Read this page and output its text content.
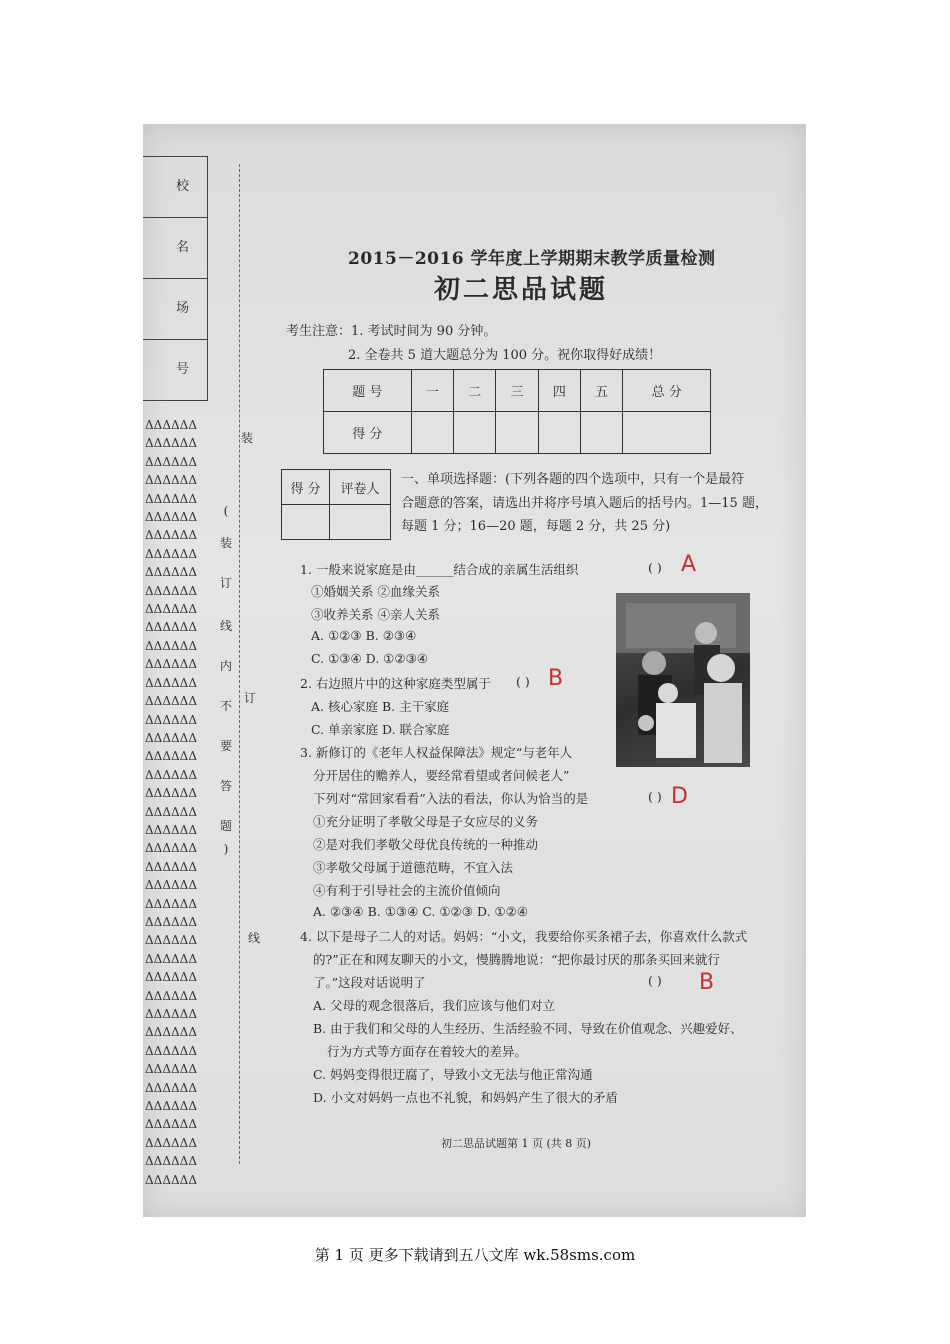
校
名
场
号
ΔΔΔΔΔΔ
ΔΔΔΔΔΔ
ΔΔΔΔΔΔ
ΔΔΔΔΔΔ
ΔΔΔΔΔΔ
ΔΔΔΔΔΔ
ΔΔΔΔΔΔ
ΔΔΔΔΔΔ
ΔΔΔΔΔΔ
ΔΔΔΔΔΔ
ΔΔΔΔΔΔ
ΔΔΔΔΔΔ
ΔΔΔΔΔΔ
ΔΔΔΔΔΔ
ΔΔΔΔΔΔ
ΔΔΔΔΔΔ
ΔΔΔΔΔΔ
ΔΔΔΔΔΔ
ΔΔΔΔΔΔ
ΔΔΔΔΔΔ
ΔΔΔΔΔΔ
ΔΔΔΔΔΔ
ΔΔΔΔΔΔ
ΔΔΔΔΔΔ
ΔΔΔΔΔΔ
ΔΔΔΔΔΔ
ΔΔΔΔΔΔ
ΔΔΔΔΔΔ
ΔΔΔΔΔΔ
ΔΔΔΔΔΔ
ΔΔΔΔΔΔ
ΔΔΔΔΔΔ
ΔΔΔΔΔΔ
ΔΔΔΔΔΔ
ΔΔΔΔΔΔ
ΔΔΔΔΔΔ
ΔΔΔΔΔΔ
ΔΔΔΔΔΔ
ΔΔΔΔΔΔ
ΔΔΔΔΔΔ
ΔΔΔΔΔΔ
ΔΔΔΔΔΔ
装
(
装
订
线
内
不
要
答
题
)
订
线
2015－2016 学年度上学期期末教学质量检测
初二思品试题
考生注意：1. 考试时间为 90 分钟。
2. 全卷共 5 道大题总分为 100 分。祝你取得好成绩！
题 号	一	二	三	四	五	总 分
得 分						
得 分	评卷人

一、单项选择题：(下列各题的四个选项中，只有一个是最符
合题意的答案，请选出并将序号填入题后的括号内。1—15 题，
每题 1 分；16—20 题，每题 2 分，共 25 分)
1. 一般来说家庭是由______结合成的亲属生活组织	( ) A
①婚姻关系 ②血缘关系
③收养关系 ④亲人关系
A. ①②③ B. ②③④
C. ①③④ D. ①②③④
2. 右边照片中的这种家庭类型属于 ( ) B
A. 核心家庭 B. 主干家庭
C. 单亲家庭 D. 联合家庭
3. 新修订的《老年人权益保障法》规定“与老年人
分开居住的赡养人，要经常看望或者问候老人”
下列对“常回家看看”入法的看法，你认为恰当的是	( ) D
①充分证明了孝敬父母是子女应尽的义务
②是对我们孝敬父母优良传统的一种推动
③孝敬父母属于道德范畴，不宜入法
④有利于引导社会的主流价值倾向
A. ②③④ B. ①③④ C. ①②③ D. ①②④
4. 以下是母子二人的对话。妈妈：“小文，我要给你买条裙子去，你喜欢什么款式
的?”正在和网友聊天的小文，慢腾腾地说：“把你最讨厌的那条买回来就行
了。”这段对话说明了	( ) B
A. 父母的观念很落后，我们应该与他们对立
B. 由于我们和父母的人生经历、生活经验不同、导致在价值观念、兴趣爱好、
行为方式等方面存在着较大的差异。
C. 妈妈变得很迂腐了，导致小文无法与他正常沟通
D. 小文对妈妈一点也不礼貌，和妈妈产生了很大的矛盾
初二思品试题第 1 页 (共 8 页)
第 1 页 更多下载请到五八文库 wk.58sms.com
